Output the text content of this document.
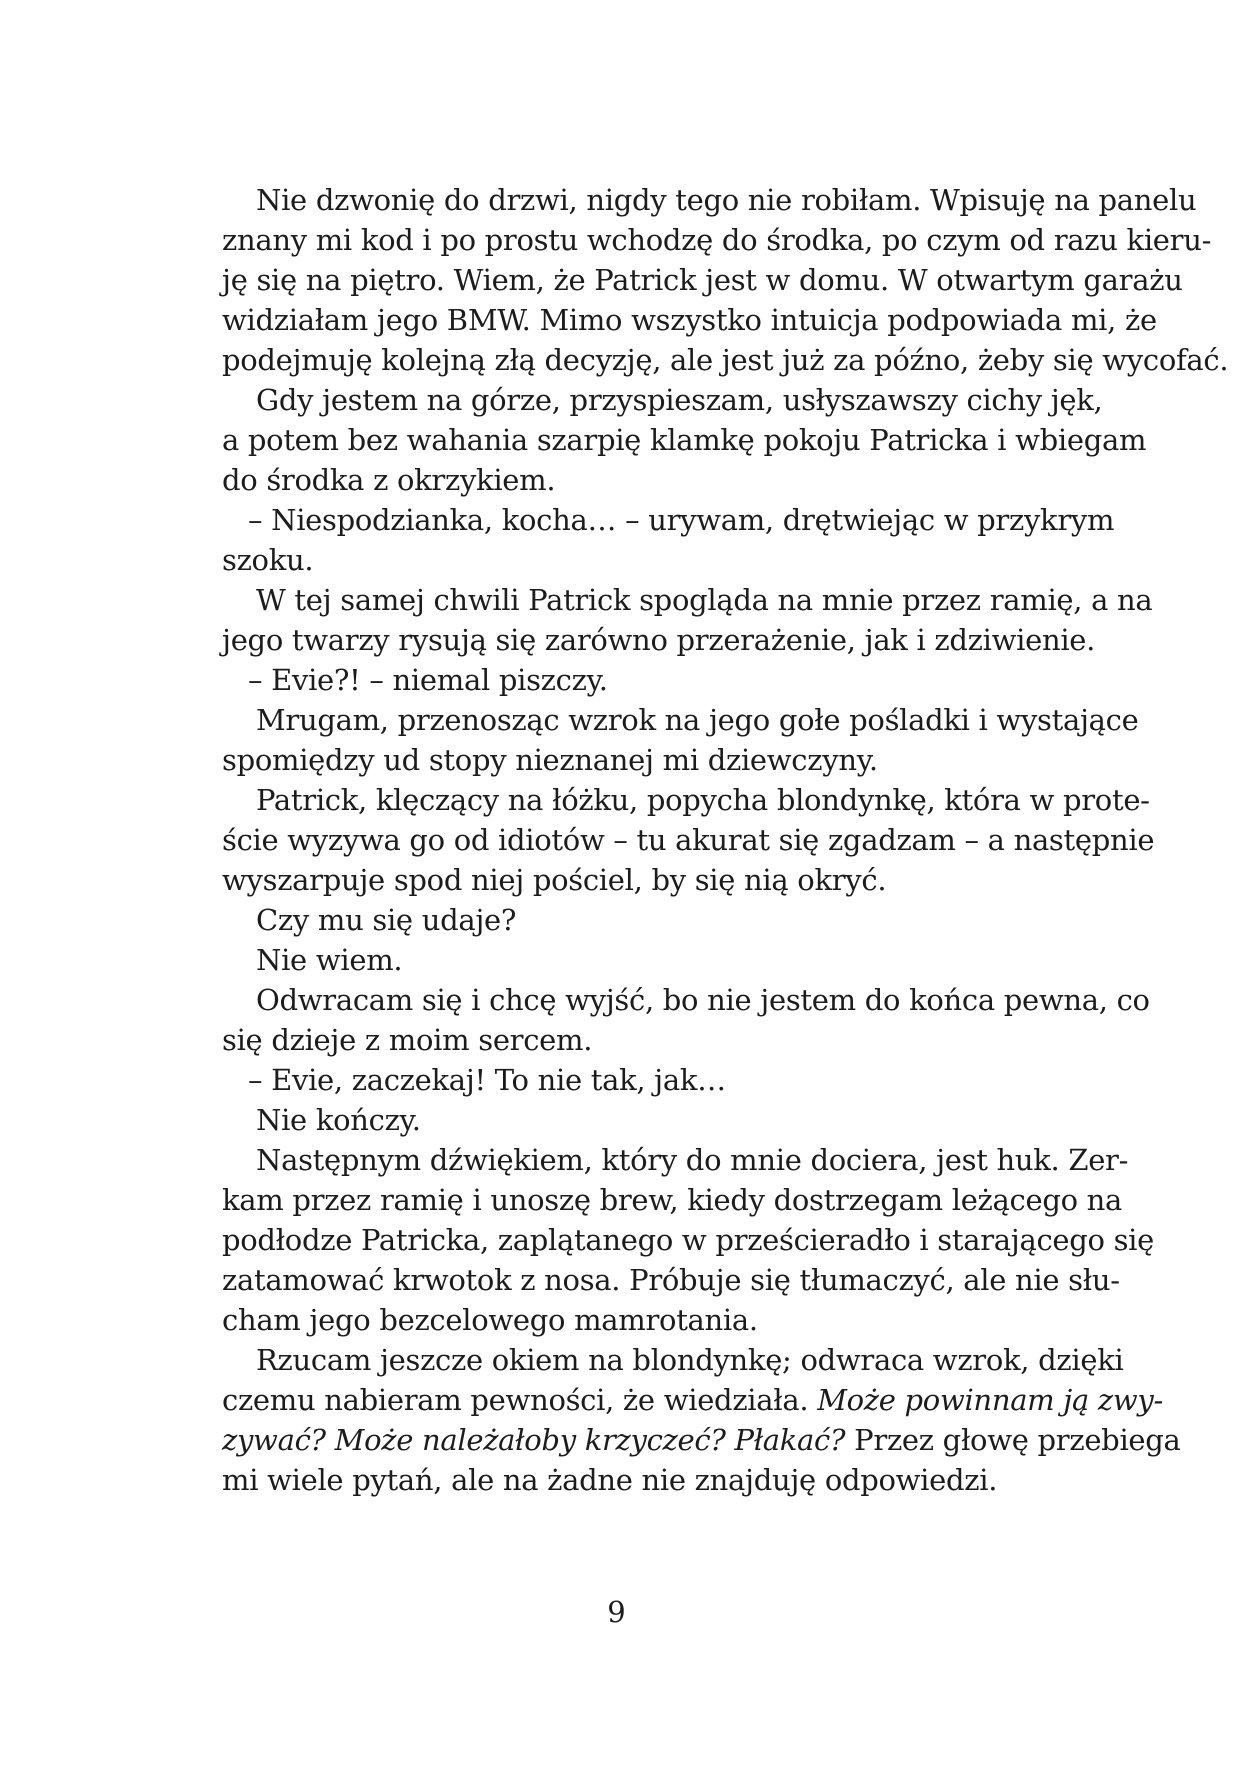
Nie dzwonię do drzwi, nigdy tego nie robiłam. Wpisuję na panelu
znany mi kod i po prostu wchodzę do środka, po czym od razu kieru-
ję się na piętro. Wiem, że Patrick jest w domu. W otwartym garażu
widziałam jego BMW. Mimo wszystko intuicja podpowiada mi, że
podejmuję kolejną złą decyzję, ale jest już za późno, żeby się wycofać.
Gdy jestem na górze, przyspieszam, usłyszawszy cichy jęk,
a potem bez wahania szarpię klamkę pokoju Patricka i wbiegam
do środka z okrzykiem.
– Niespodzianka, kocha… – urywam, drętwiejąc w przykrym
szoku.
W tej samej chwili Patrick spogląda na mnie przez ramię, a na
jego twarzy rysują się zarówno przerażenie, jak i zdziwienie.
– Evie?! – niemal piszczy.
Mrugam, przenosząc wzrok na jego gołe pośladki i wystające
spomiędzy ud stopy nieznanej mi dziewczyny.
Patrick, klęczący na łóżku, popycha blondynkę, która w prote-
ście wyzywa go od idiotów – tu akurat się zgadzam – a następnie
wyszarpuje spod niej pościel, by się nią okryć.
Czy mu się udaje?
Nie wiem.
Odwracam się i chcę wyjść, bo nie jestem do końca pewna, co
się dzieje z moim sercem.
– Evie, zaczekaj! To nie tak, jak…
Nie kończy.
Następnym dźwiękiem, który do mnie dociera, jest huk. Zer-
kam przez ramię i unoszę brew, kiedy dostrzegam leżącego na
podłodze Patricka, zaplątanego w prześcieradło i starającego się
zatamować krwotok z nosa. Próbuje się tłumaczyć, ale nie słu-
cham jego bezcelowego mamrotania.
Rzucam jeszcze okiem na blondynkę; odwraca wzrok, dzięki
czemu nabieram pewności, że wiedziała. Może powinnam ją zwy-
zywać? Może należałoby krzyczeć? Płakać? Przez głowę przebiega
mi wiele pytań, ale na żadne nie znajduję odpowiedzi.
9
